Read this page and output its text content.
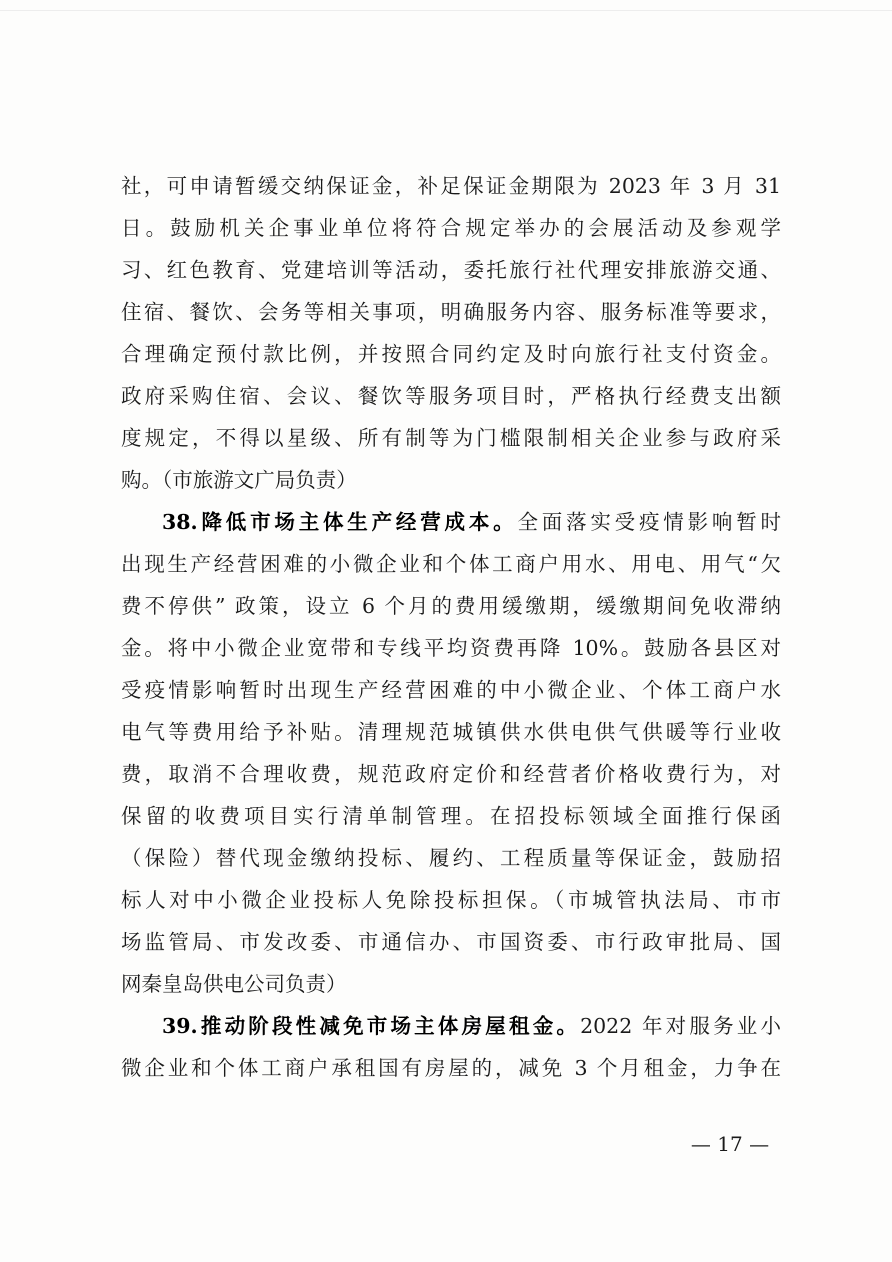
社，可申请暂缓交纳保证金，补足保证金期限为 2023 年 3 月 31
日。鼓励机关企事业单位将符合规定举办的会展活动及参观学
习、红色教育、党建培训等活动，委托旅行社代理安排旅游交通、
住宿、餐饮、会务等相关事项，明确服务内容、服务标准等要求，
合理确定预付款比例，并按照合同约定及时向旅行社支付资金。
政府采购住宿、会议、餐饮等服务项目时，严格执行经费支出额
度规定，不得以星级、所有制等为门槛限制相关企业参与政府采
购。（市旅游文广局负责）
38.降低市场主体生产经营成本。全面落实受疫情影响暂时
出现生产经营困难的小微企业和个体工商户用水、用电、用气“欠
费不停供” 政策，设立 6 个月的费用缓缴期，缓缴期间免收滞纳
金。将中小微企业宽带和专线平均资费再降 10%。鼓励各县区对
受疫情影响暂时出现生产经营困难的中小微企业、个体工商户水
电气等费用给予补贴。清理规范城镇供水供电供气供暖等行业收
费，取消不合理收费，规范政府定价和经营者价格收费行为，对
保留的收费项目实行清单制管理。在招投标领域全面推行保函
（保险）替代现金缴纳投标、履约、工程质量等保证金，鼓励招
标人对中小微企业投标人免除投标担保。（市城管执法局、市市
场监管局、市发改委、市通信办、市国资委、市行政审批局、国
网秦皇岛供电公司负责）
39.推动阶段性减免市场主体房屋租金。2022 年对服务业小
微企业和个体工商户承租国有房屋的，减免 3 个月租金，力争在
— 17 —
